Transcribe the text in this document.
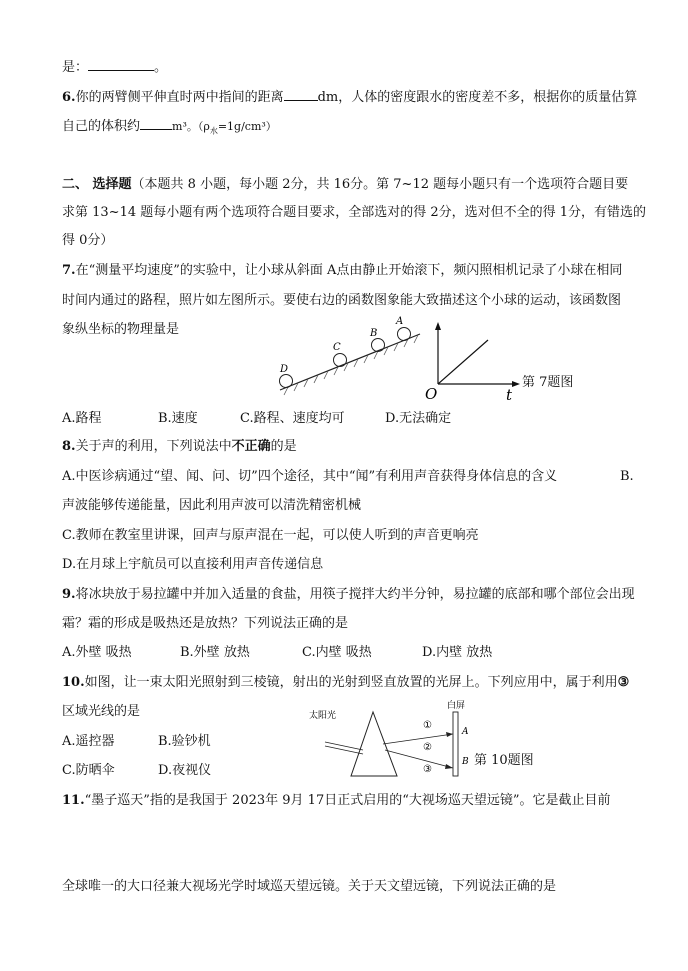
是：	。
6.你的两臂侧平伸直时两中指间的距离	dm，人体的密度跟水的密度差不多，根据你的质量估算
自己的体积约	m³。$(\rho_水=1g/cm^3)$
二、 选择题（本题共 8 小题，每小题 2分，共 16分。第 7~12 题每小题只有一个选项符合题目要
求第 13~14 题每小题有两个选项符合题目要求，全部选对的得 2分，选对但不全的得 1分，有错选的
得 0分）
7.在“测量平均速度”的实验中，让小球从斜面 A点由静止开始滚下，频闪照相机记录了小球在相同
时间内通过的路程，照片如左图所示。要使右边的函数图象能大致描述这个小球的运动，该函数图
象纵坐标的物理量是
A
B
C
D
O	t
第 7题图
A.路程	B.速度	C.路程、速度均可	D.无法确定
8.关于声的利用，下列说法中不正确的是
A.中医诊病通过“望、闻、问、切”四个途径，其中“闻”有利用声音获得身体信息的含义	B.
声波能够传递能量，因此利用声波可以清洗精密机械
C.教师在教室里讲课，回声与原声混在一起，可以使人听到的声音更响亮
D.在月球上宇航员可以直接利用声音传递信息
9.将冰块放于易拉罐中并加入适量的食盐，用筷子搅拌大约半分钟，易拉罐的底部和哪个部位会出现
霜？霜的形成是吸热还是放热？下列说法正确的是
A.外壁 吸热	B.外壁 放热	C.内壁 吸热	D.内壁 放热
10.如图，让一束太阳光照射到三棱镜，射出的光射到竖直放置的光屏上。下列应用中，属于利用③
区域光线的是
A.遥控器	B.验钞机
C.防晒伞	D.夜视仪
太阳光
白屏
①
②
③
A
B 第 10题图
11.“墨子巡天”指的是我国于 2023年 9月 17日正式启用的“大视场巡天望远镜”。它是截止目前
全球唯一的大口径兼大视场光学时域巡天望远镜。关于天文望远镜，下列说法正确的是
